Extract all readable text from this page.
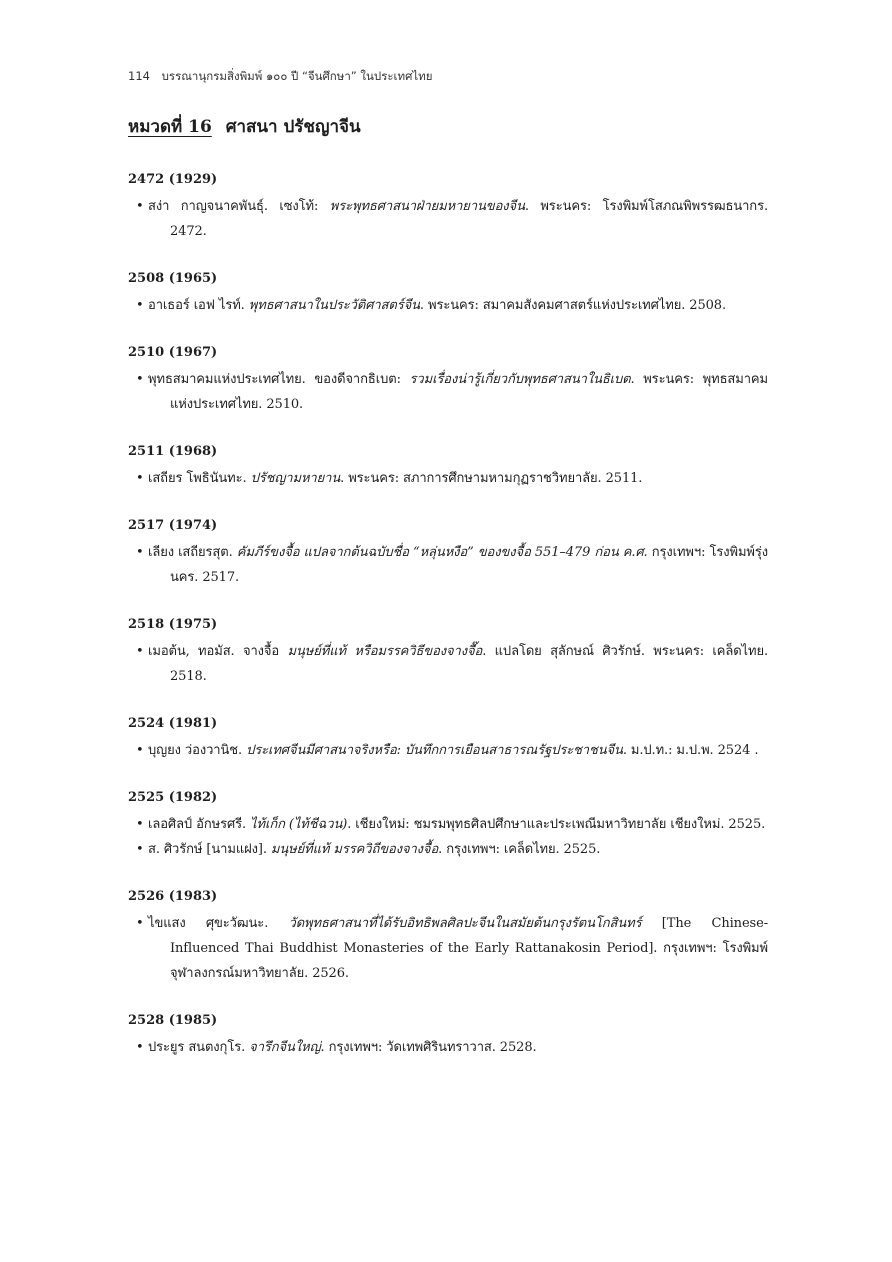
114 บรรณานุกรมสิ่งพิมพ์ ๑๐๐ ปี “จีนศึกษา” ในประเทศไทย
หมวดที่ 16 ศาสนา ปรัชญาจีน
2472 (1929)
• สง่า กาญจนาคพันธุ์. เซงโท้: พระพุทธศาสนาฝ่ายมหายานของจีน. พระนคร: โรงพิมพ์โสภณพิพรรฒธนากร. 2472.
2508 (1965)
• อาเธอร์ เอฟ ไรท์. พุทธศาสนาในประวัติศาสตร์จีน. พระนคร: สมาคมสังคมศาสตร์แห่งประเทศไทย. 2508.
2510 (1967)
• พุทธสมาคมแห่งประเทศไทย. ของดีจากธิเบต: รวมเรื่องน่ารู้เกี่ยวกับพุทธศาสนาในธิเบต. พระนคร: พุทธสมาคมแห่งประเทศไทย. 2510.
2511 (1968)
• เสถียร โพธินันทะ. ปรัชญามหายาน. พระนคร: สภาการศึกษามหามกุฏราชวิทยาลัย. 2511.
2517 (1974)
• เลียง เสถียรสุต. คัมภีร์ขงจื้อ แปลจากต้นฉบับชื่อ “หลุ่นหงือ” ของขงจื้อ 551–479 ก่อน ค.ศ. กรุงเทพฯ: โรงพิมพ์รุ่งนคร. 2517.
2518 (1975)
• เมอต้น, ทอมัส. จางจื้อ มนุษย์ที่แท้ หรือมรรควิธีของจางจื๊อ. แปลโดย สุลักษณ์ ศิวรักษ์. พระนคร: เคล็ดไทย. 2518.
2524 (1981)
• บุญยง ว่องวานิช. ประเทศจีนมีศาสนาจริงหรือ: บันทึกการเยือนสาธารณรัฐประชาชนจีน. ม.ป.ท.: ม.ป.พ. 2524 .
2525 (1982)
• เลอศิลป์ อักษรศรี. ไท้เก็ก (ไท้ชีฉวน). เชียงใหม่: ชมรมพุทธศิลปศึกษาและประเพณีมหาวิทยาลัย เชียงใหม่. 2525.
• ส. ศิวรักษ์ [นามแฝง]. มนุษย์ที่แท้ มรรควิถีของจางจื้อ. กรุงเทพฯ: เคล็ดไทย. 2525.
2526 (1983)
• ไขแสง ศุขะวัฒนะ. วัดพุทธศาสนาที่ได้รับอิทธิพลศิลปะจีนในสมัยต้นกรุงรัตนโกสินทร์ [The Chinese-Influenced Thai Buddhist Monasteries of the Early Rattanakosin Period]. กรุงเทพฯ: โรงพิมพ์จุฬาลงกรณ์มหาวิทยาลัย. 2526.
2528 (1985)
• ประยูร สนตงกุโร. จารึกจีนใหญ่. กรุงเทพฯ: วัดเทพศิรินทราวาส. 2528.
